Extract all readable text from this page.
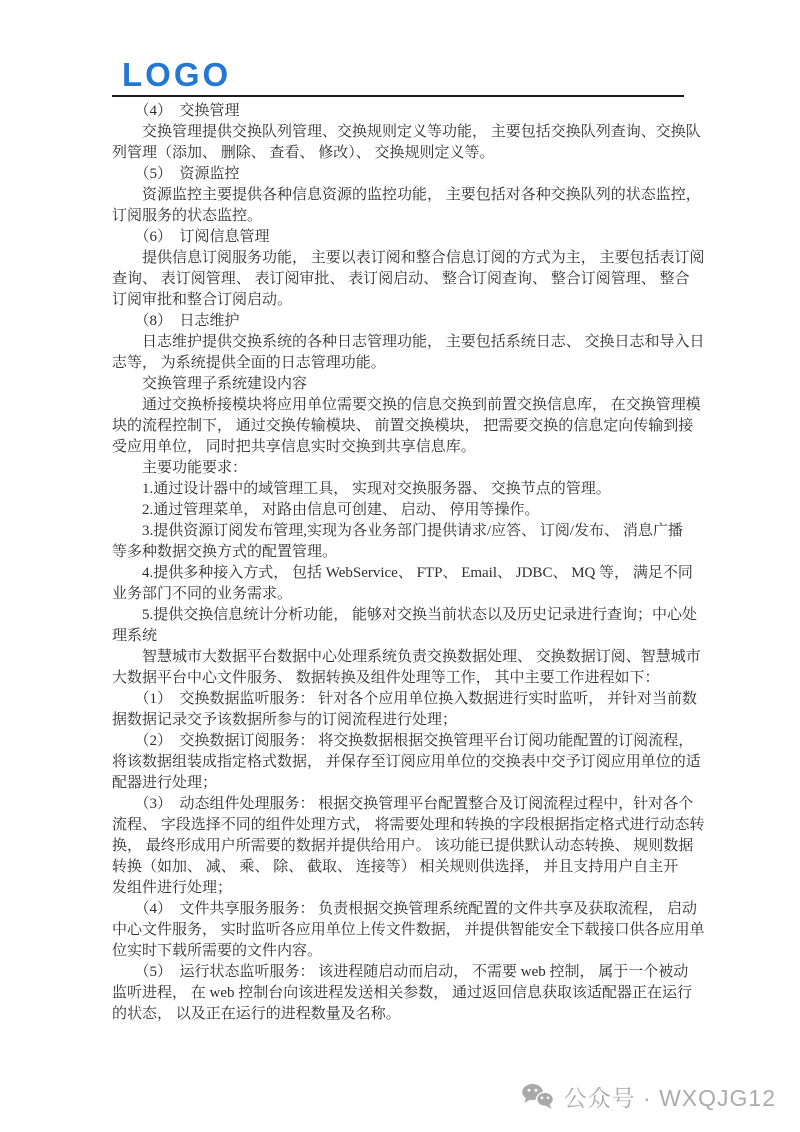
LOGO
　　（4）　交换管理
　　交换管理提供交换队列管理、交换规则定义等功能， 主要包括交换队列查询、交换队
列管理（添加、 删除、 查看、 修改）、 交换规则定义等。
　　（5）　资源监控
　　资源监控主要提供各种信息资源的监控功能， 主要包括对各种交换队列的状态监控，
订阅服务的状态监控。
　　（6）　订阅信息管理
　　提供信息订阅服务功能， 主要以表订阅和整合信息订阅的方式为主， 主要包括表订阅
查询、 表订阅管理、 表订阅审批、 表订阅启动、 整合订阅查询、 整合订阅管理、 整合
订阅审批和整合订阅启动。
　　（8）　日志维护
　　日志维护提供交换系统的各种日志管理功能， 主要包括系统日志、 交换日志和导入日
志等， 为系统提供全面的日志管理功能。
　　交换管理子系统建设内容
　　通过交换桥接模块将应用单位需要交换的信息交换到前置交换信息库， 在交换管理模
块的流程控制下， 通过交换传输模块、 前置交换模块， 把需要交换的信息定向传输到接
受应用单位， 同时把共享信息实时交换到共享信息库。
　　主要功能要求：
　　1.通过设计器中的域管理工具， 实现对交换服务器、 交换节点的管理。
　　2.通过管理菜单， 对路由信息可创建、 启动、 停用等操作。
　　3.提供资源订阅发布管理,实现为各业务部门提供请求/应答、 订阅/发布、 消息广播
等多种数据交换方式的配置管理。
　　4.提供多种接入方式， 包括 WebService、 FTP、 Email、 JDBC、 MQ 等， 满足不同
业务部门不同的业务需求。
　　5.提供交换信息统计分析功能， 能够对交换当前状态以及历史记录进行查询；中心处
理系统
　　智慧城市大数据平台数据中心处理系统负责交换数据处理、 交换数据订阅、智慧城市
大数据平台中心文件服务、 数据转换及组件处理等工作， 其中主要工作进程如下：
　　（1）　交换数据监听服务： 针对各个应用单位换入数据进行实时监听， 并针对当前数
据数据记录交予该数据所参与的订阅流程进行处理；
　　（2）　交换数据订阅服务： 将交换数据根据交换管理平台订阅功能配置的订阅流程，
将该数据组装成指定格式数据， 并保存至订阅应用单位的交换表中交予订阅应用单位的适
配器进行处理；
　　（3）　动态组件处理服务： 根据交换管理平台配置整合及订阅流程过程中，针对各个
流程、 字段选择不同的组件处理方式， 将需要处理和转换的字段根据指定格式进行动态转
换， 最终形成用户所需要的数据并提供给用户。 该功能已提供默认动态转换、 规则数据
转换（如加、 减、 乘、 除、 截取、 连接等） 相关规则供选择， 并且支持用户自主开
发组件进行处理；
　　（4）　文件共享服务服务： 负责根据交换管理系统配置的文件共享及获取流程， 启动
中心文件服务， 实时监听各应用单位上传文件数据， 并提供智能安全下载接口供各应用单
位实时下载所需要的文件内容。
　　（5）　运行状态监听服务： 该进程随启动而启动， 不需要 web 控制， 属于一个被动
监听进程， 在 web 控制台向该进程发送相关参数， 通过返回信息获取该适配器正在运行
的状态， 以及正在运行的进程数量及名称。
公众号 · WXQJG12
